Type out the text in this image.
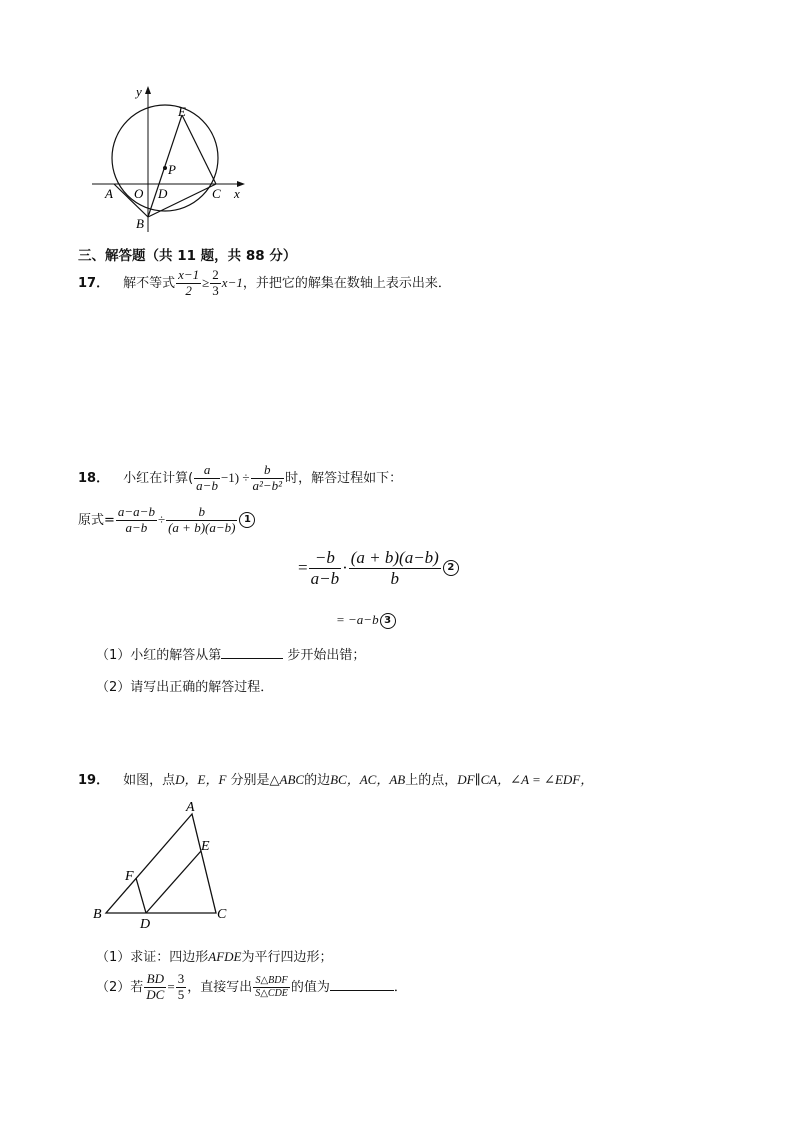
y
x
E
P
A O D	C
B
三、解答题（共 11 题，共 88 分）
17． 解不等式 $\frac{x-1}{2} \ge \frac{2}{3} x-1$，并把它的解集在数轴上表示出来．
18． 小红在计算( $\frac{a}{a-b} -1) \div \frac{b}{\text{a²−b²}}$ 时，解答过程如下：
原式= $\frac{a-a-b}{a-b} \div \frac{b}{(a + b)(a-b)} 1$
= $\frac{-b}{a-b} \cdot \frac{(a + b)(a-b)}{b} 2$
= −a−b 3
（1）小红的解答从第	步开始出错；
（2）请写出正确的解答过程．
19． 如图，点D，E，F 分别是△ABC的边BC，AC，AB上的点，DF∥CA，∠A = ∠EDF，
A
E
F
B
D
C
（1）求证：四边形AFDE为平行四边形；
（2）若 $\frac{BD}{DC} = \frac{3}{5}$ ，直接写出 $\frac{\text{S△BDF}}{\text{S△CDE}}$ 的值为	．
